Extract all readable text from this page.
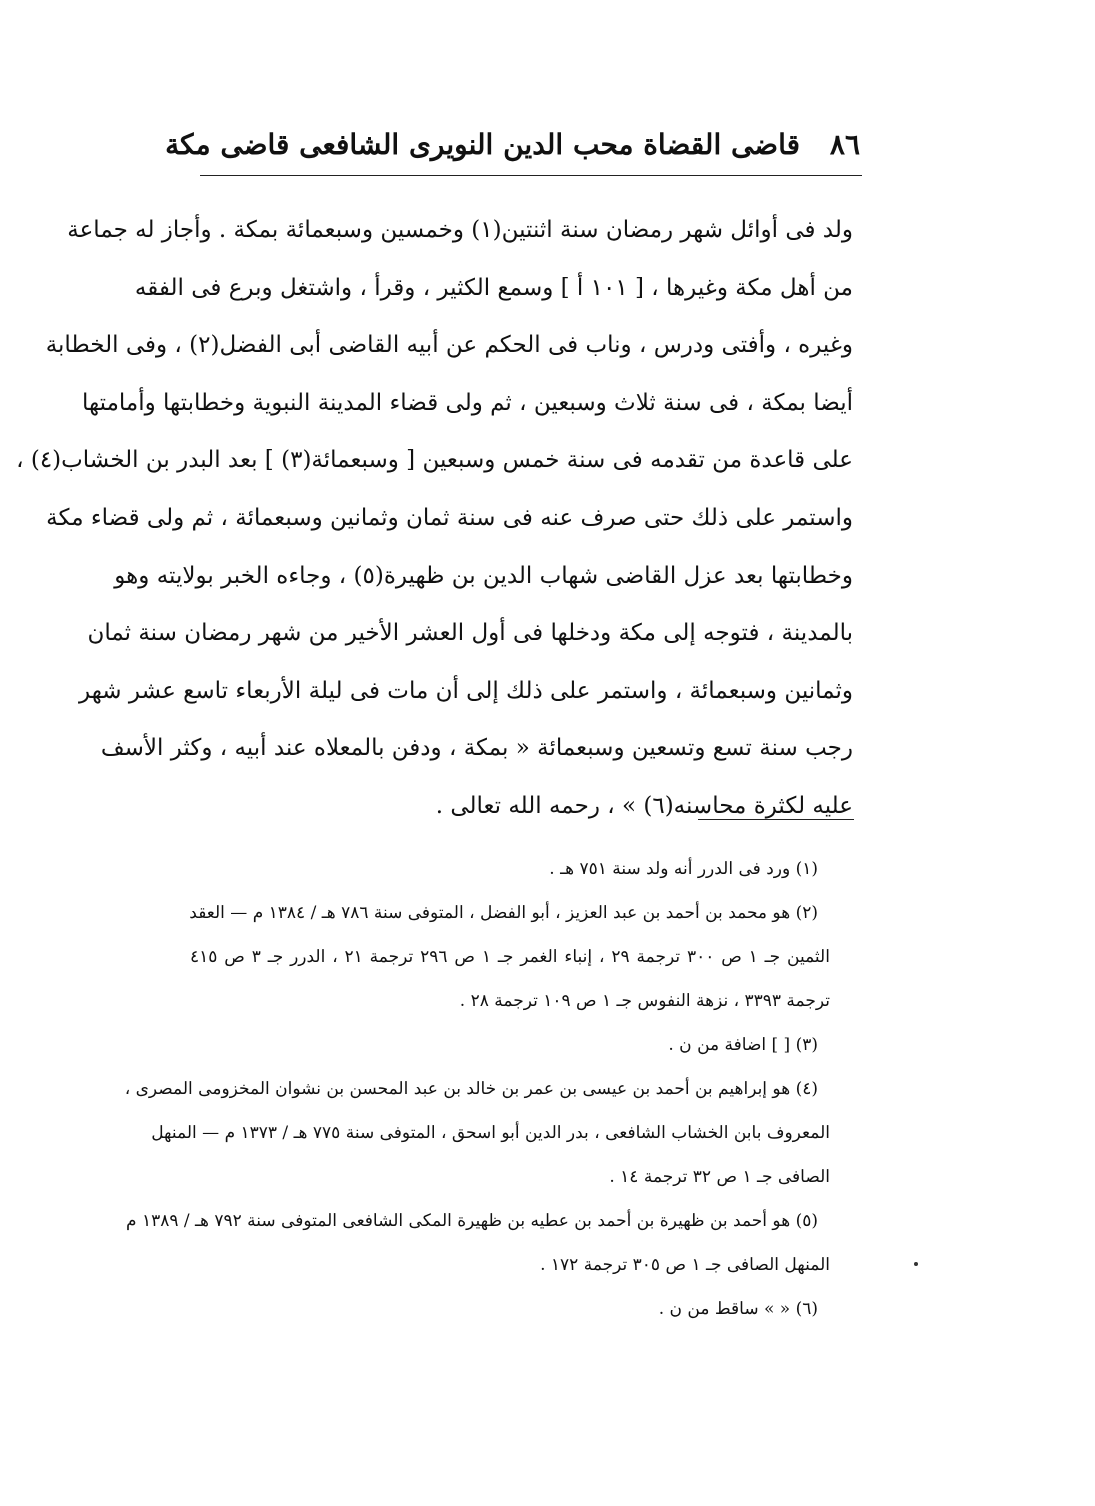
٨٦
قاضى القضاة محب الدين النويرى الشافعى قاضى مكة
ولد فى أوائل شهر رمضان سنة اثنتين(١) وخمسين وسبعمائة بمكة . وأجاز له جماعة
من أهل مكة وغيرها ، [ ١٠١ أ ] وسمع الكثير ، وقرأ ، واشتغل وبرع فى الفقه
وغيره ، وأفتى ودرس ، وناب فى الحكم عن أبيه القاضى أبى الفضل(٢) ، وفى الخطابة
أيضا بمكة ، فى سنة ثلاث وسبعين ، ثم ولى قضاء المدينة النبوية وخطابتها وأمامتها
على قاعدة من تقدمه فى سنة خمس وسبعين [ وسبعمائة(٣) ] بعد البدر بن الخشاب(٤) ،
واستمر على ذلك حتى صرف عنه فى سنة ثمان وثمانين وسبعمائة ، ثم ولى قضاء مكة
وخطابتها بعد عزل القاضى شهاب الدين بن ظهيرة(٥) ، وجاءه الخبر بولايته وهو
بالمدينة ، فتوجه إلى مكة ودخلها فى أول العشر الأخير من شهر رمضان سنة ثمان
وثمانين وسبعمائة ، واستمر على ذلك إلى أن مات فى ليلة الأربعاء تاسع عشر شهر
رجب سنة تسع وتسعين وسبعمائة « بمكة ، ودفن بالمعلاه عند أبيه ، وكثر الأسف
عليه لكثرة محاسنه(٦) » ، رحمه الله تعالى .
(١) ورد فى الدرر أنه ولد سنة ٧٥١ هـ .
(٢) هو محمد بن أحمد بن عبد العزيز ، أبو الفضل ، المتوفى سنة ٧٨٦ هـ / ١٣٨٤ م — العقد
الثمين جـ ١ ص ٣٠٠ ترجمة ٢٩ ، إنباء الغمر جـ ١ ص ٢٩٦ ترجمة ٢١ ، الدرر جـ ٣ ص ٤١٥
ترجمة ٣٣٩٣ ، نزهة النفوس جـ ١ ص ١٠٩ ترجمة ٢٨ .
(٣) [ ] اضافة من ن .
(٤) هو إبراهيم بن أحمد بن عيسى بن عمر بن خالد بن عبد المحسن بن نشوان المخزومى المصرى ،
المعروف بابن الخشاب الشافعى ، بدر الدين أبو اسحق ، المتوفى سنة ٧٧٥ هـ / ١٣٧٣ م — المنهل
الصافى جـ ١ ص ٣٢ ترجمة ١٤ .
(٥) هو أحمد بن ظهيرة بن أحمد بن عطيه بن ظهيرة المكى الشافعى المتوفى سنة ٧٩٢ هـ / ١٣٨٩ م
المنهل الصافى جـ ١ ص ٣٠٥ ترجمة ١٧٢ .
(٦) « » ساقط من ن .
